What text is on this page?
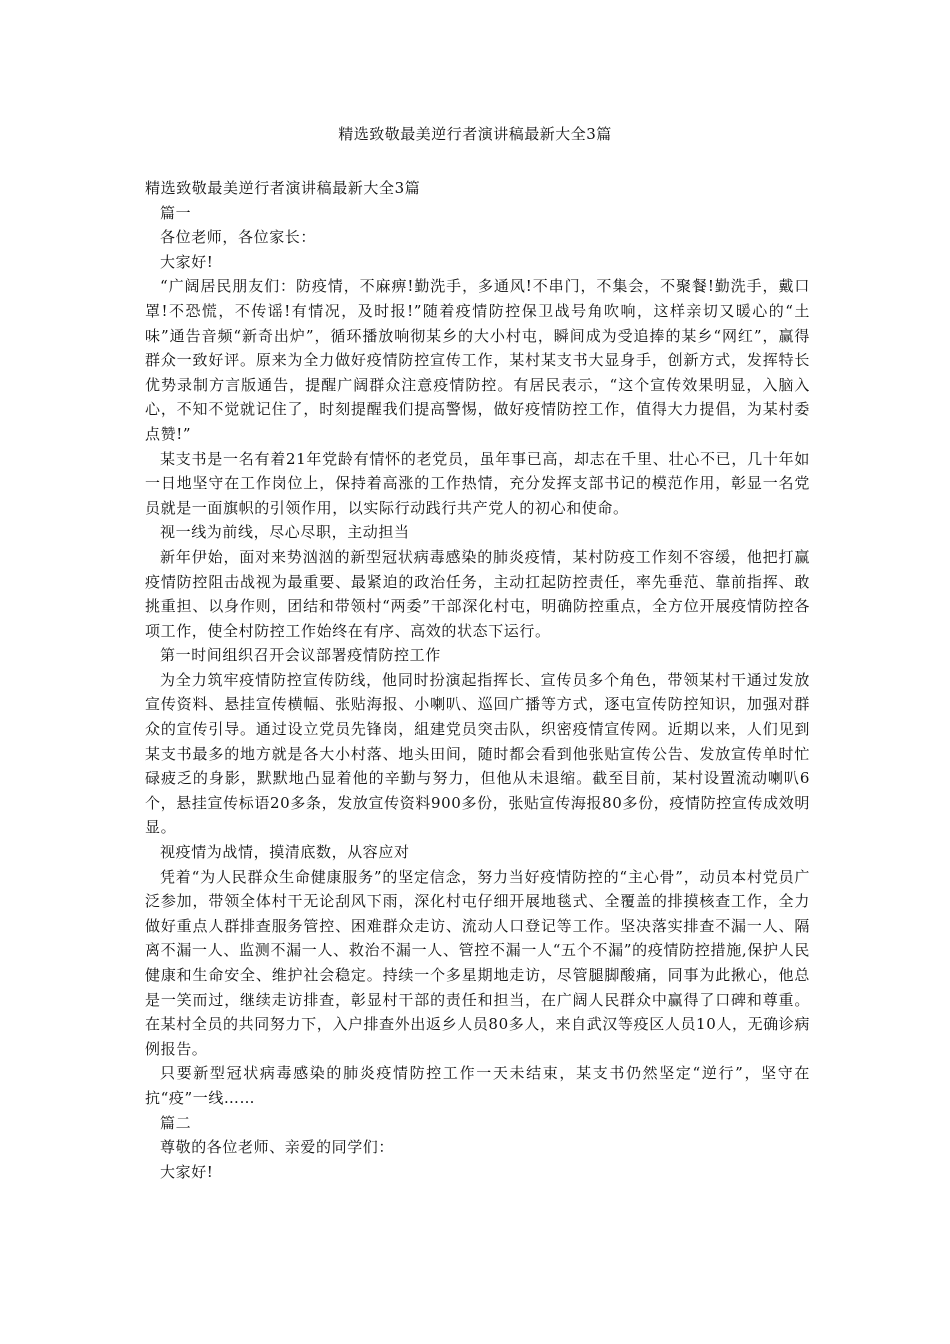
精选致敬最美逆行者演讲稿最新大全3篇

精选致敬最美逆行者演讲稿最新大全3篇

篇一

各位老师，各位家长：

大家好!

“广阔居民朋友们：防疫情，不麻痹!勤洗手，多通风!不串门，不集会，不聚餐!勤洗手，戴口罩!不恐慌，不传谣!有情况，及时报!”随着疫情防控保卫战号角吹响，这样亲切又暖心的“土味”通告音频“新奇出炉”，循环播放响彻某乡的大小村屯，瞬间成为受追捧的某乡“网红”，赢得群众一致好评。原来为全力做好疫情防控宣传工作，某村某支书大显身手，创新方式，发挥特长优势录制方言版通告，提醒广阔群众注意疫情防控。有居民表示，“这个宣传效果明显，入脑入心，不知不觉就记住了，时刻提醒我们提高警惕，做好疫情防控工作，值得大力提倡，为某村委点赞!”

某支书是一名有着21年党龄有情怀的老党员，虽年事已高，却志在千里、壮心不已，几十年如一日地坚守在工作岗位上，保持着高涨的工作热情，充分发挥支部书记的模范作用，彰显一名党员就是一面旗帜的引领作用，以实际行动践行共产党人的初心和使命。

视一线为前线，尽心尽职，主动担当

新年伊始，面对来势汹汹的新型冠状病毒感染的肺炎疫情，某村防疫工作刻不容缓，他把打赢疫情防控阻击战视为最重要、最紧迫的政治任务，主动扛起防控责任，率先垂范、靠前指挥、敢挑重担、以身作则，团结和带领村“两委”干部深化村屯，明确防控重点，全方位开展疫情防控各项工作，使全村防控工作始终在有序、高效的状态下运行。

第一时间组织召开会议部署疫情防控工作

为全力筑牢疫情防控宣传防线，他同时扮演起指挥长、宣传员多个角色，带领某村干通过发放宣传资料、悬挂宣传横幅、张贴海报、小喇叭、巡回广播等方式，逐屯宣传防控知识，加强对群众的宣传引导。通过设立党员先锋岗，組建党员突击队，织密疫情宣传网。近期以来，人们见到某支书最多的地方就是各大小村落、地头田间，随时都会看到他张贴宣传公告、发放宣传单时忙碌疲乏的身影，默默地凸显着他的辛勤与努力，但他从未退缩。截至目前，某村设置流动喇叭6个，悬挂宣传标语20多条，发放宣传资料900多份，张贴宣传海报80多份，疫情防控宣传成效明显。

视疫情为战情，摸清底数，从容应对

凭着“为人民群众生命健康服务”的坚定信念，努力当好疫情防控的“主心骨”，动员本村党员广泛参加，带领全体村干无论刮风下雨，深化村屯仔细开展地毯式、全覆盖的排摸核查工作，全力做好重点人群排查服务管控、困难群众走访、流动人口登记等工作。坚决落实排查不漏一人、隔离不漏一人、监测不漏一人、救治不漏一人、管控不漏一人“五个不漏”的疫情防控措施,保护人民健康和生命安全、维护社会稳定。持续一个多星期地走访，尽管腿脚酸痛，同事为此揪心，他总是一笑而过，继续走访排查，彰显村干部的责任和担当，在广阔人民群众中赢得了口碑和尊重。在某村全员的共同努力下，入户排查外出返乡人员80多人，来自武汉等疫区人员10人，无确诊病例报告。

只要新型冠状病毒感染的肺炎疫情防控工作一天未结束，某支书仍然坚定“逆行”，坚守在抗“疫”一线……

篇二

尊敬的各位老师、亲爱的同学们：

大家好!
